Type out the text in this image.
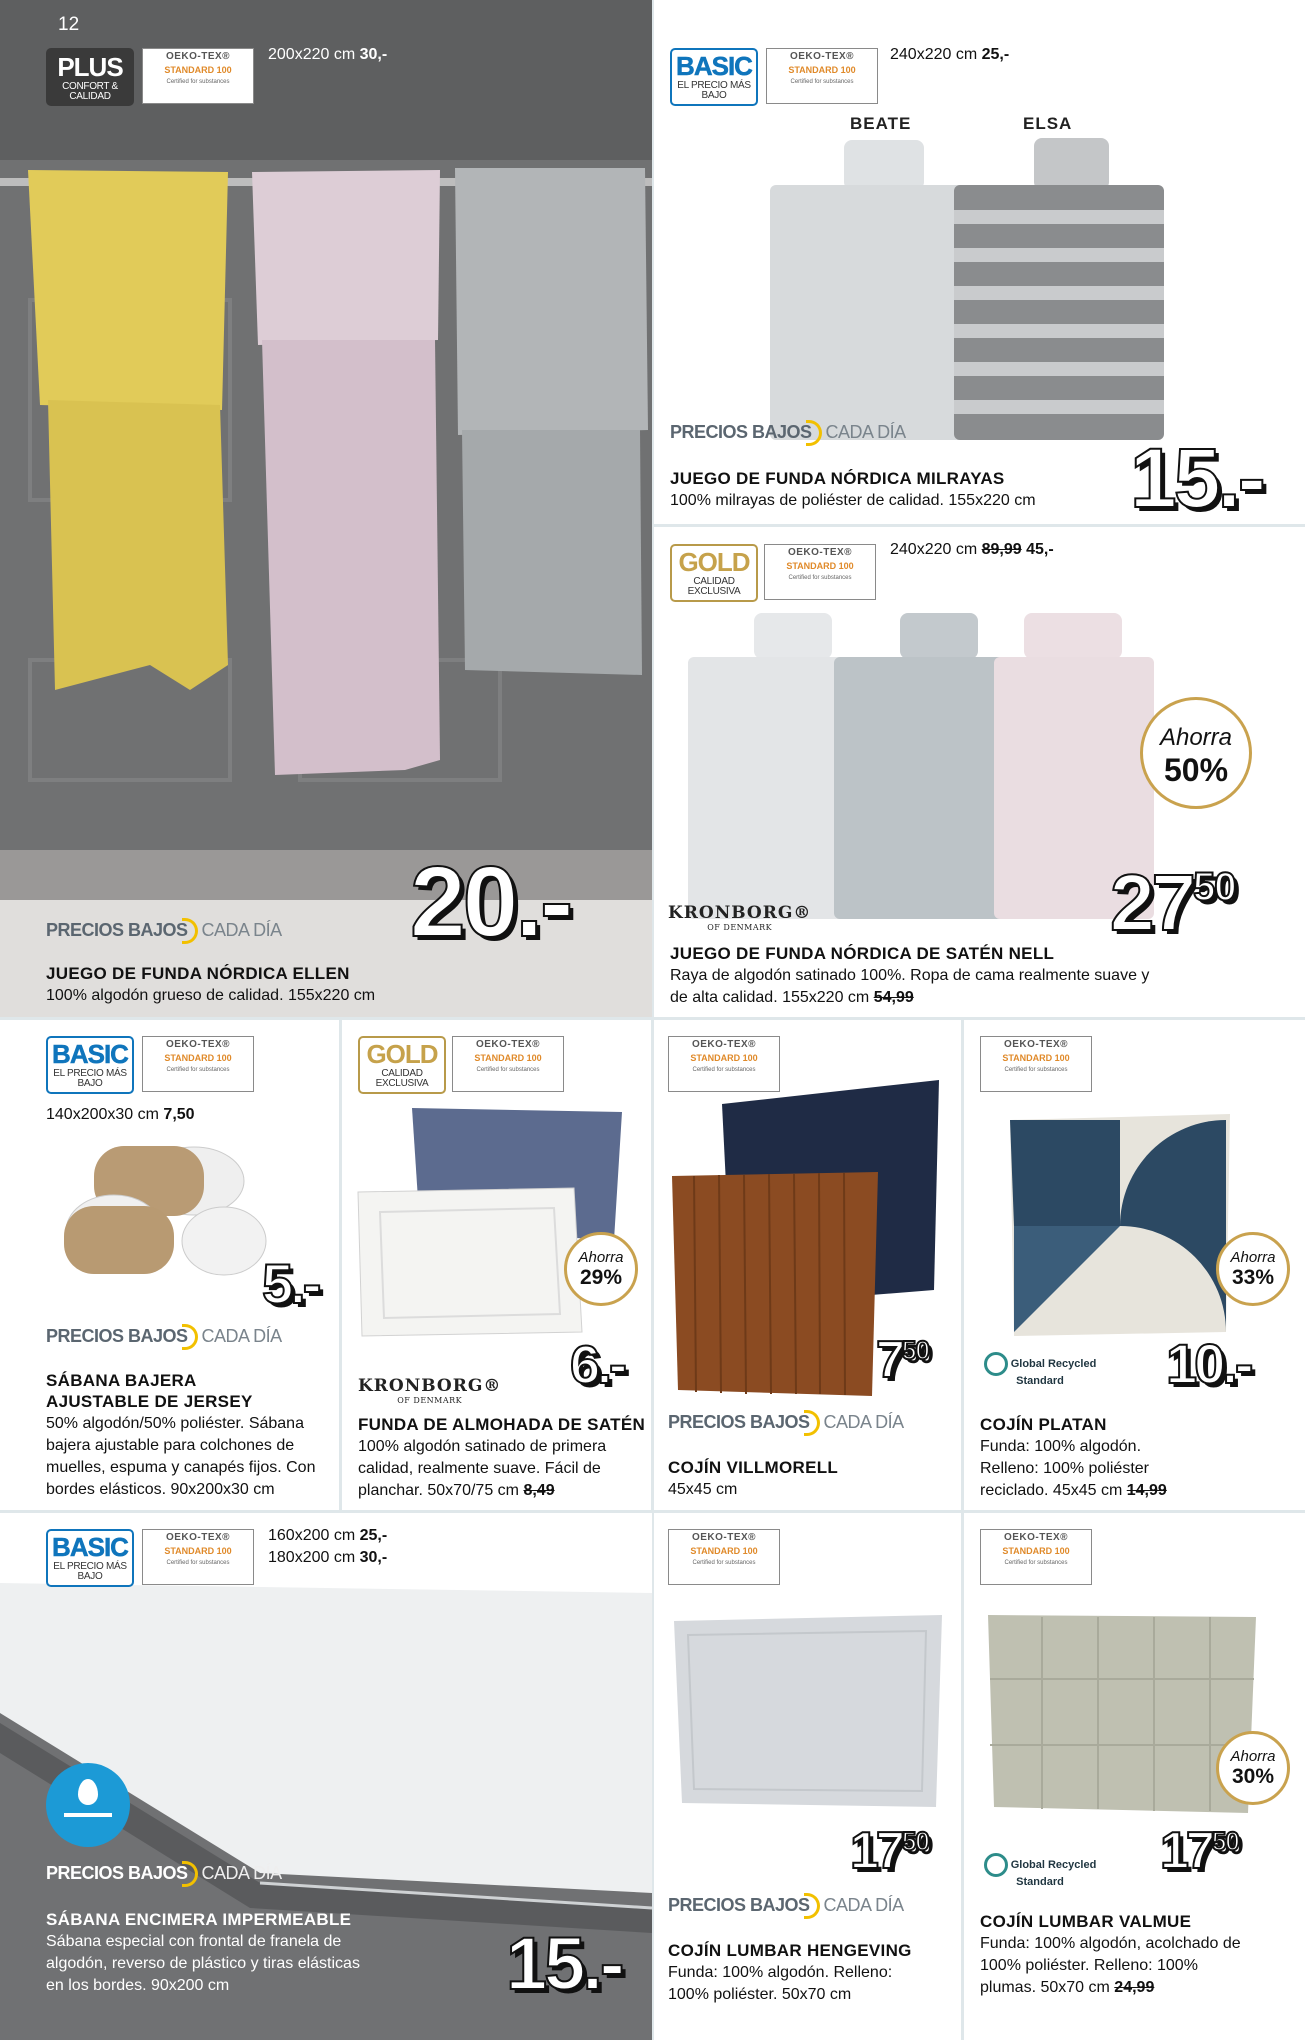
12
PLUS
CONFORT & CALIDAD
OEKO-TEX®
STANDARD 100
Certified for substances
200x220 cm 30,-
20.-
PRECIOS BAJOS CADA DÍA
JUEGO DE FUNDA NÓRDICA ELLEN
100% algodón grueso de calidad. 155x220 cm
BASIC
EL PRECIO MÁS BAJO
OEKO-TEX®
STANDARD 100
Certified for substances
240x220 cm 25,-
BEATE	ELSA
PRECIOS BAJOS CADA DÍA	15.-
JUEGO DE FUNDA NÓRDICA MILRAYAS
100% milrayas de poliéster de calidad. 155x220 cm
GOLD
CALIDAD EXCLUSIVA
OEKO-TEX®
STANDARD 100
Certified for substances
240x220 cm 89,99 45,-
Ahorra
50%
KRONBORG®
OF DENMARK	$27^{50}$
JUEGO DE FUNDA NÓRDICA DE SATÉN NELL
Raya de algodón satinado 100%. Ropa de cama realmente suave y de alta calidad. 155x220 cm 54,99
BASIC
EL PRECIO MÁS BAJO
OEKO-TEX®
STANDARD 100
Certified for substances
140x200x30 cm 7,50
5.-
PRECIOS BAJOS CADA DÍA
SÁBANA BAJERA AJUSTABLE DE JERSEY
50% algodón/50% poliéster. Sábana bajera ajustable para colchones de muelles, espuma y canapés fijos. Con bordes elásticos. 90x200x30 cm
GOLD
CALIDAD EXCLUSIVA
OEKO-TEX®
STANDARD 100
Certified for substances
Ahorra
29%
6.-
KRONBORG®
OF DENMARK
FUNDA DE ALMOHADA DE SATÉN
100% algodón satinado de primera calidad, realmente suave. Fácil de planchar. 50x70/75 cm 8,49
OEKO-TEX®
STANDARD 100
Certified for substances
$7^{50}$
PRECIOS BAJOS CADA DÍA
COJÍN VILLMORELL
45x45 cm
OEKO-TEX®
STANDARD 100
Certified for substances
Ahorra
33%
Global Recycled Standard	10.-
COJÍN PLATAN
Funda: 100% algodón. Relleno: 100% poliéster reciclado. 45x45 cm 14,99
BASIC
EL PRECIO MÁS BAJO
OEKO-TEX®
STANDARD 100
Certified for substances
160x200 cm 25,-
180x200 cm 30,-
PRECIOS BAJOS CADA DÍA
SÁBANA ENCIMERA IMPERMEABLE
Sábana especial con frontal de franela de algodón, reverso de plástico y tiras elásticas en los bordes. 90x200 cm	15.-
OEKO-TEX®
STANDARD 100
Certified for substances
$17^{50}$
PRECIOS BAJOS CADA DÍA
COJÍN LUMBAR HENGEVING
Funda: 100% algodón. Relleno: 100% poliéster. 50x70 cm
OEKO-TEX®
STANDARD 100
Certified for substances
Ahorra
30%
Global Recycled Standard
$17^{50}$
COJÍN LUMBAR VALMUE
Funda: 100% algodón, acolchado de 100% poliéster. Relleno: 100% plumas. 50x70 cm 24,99
